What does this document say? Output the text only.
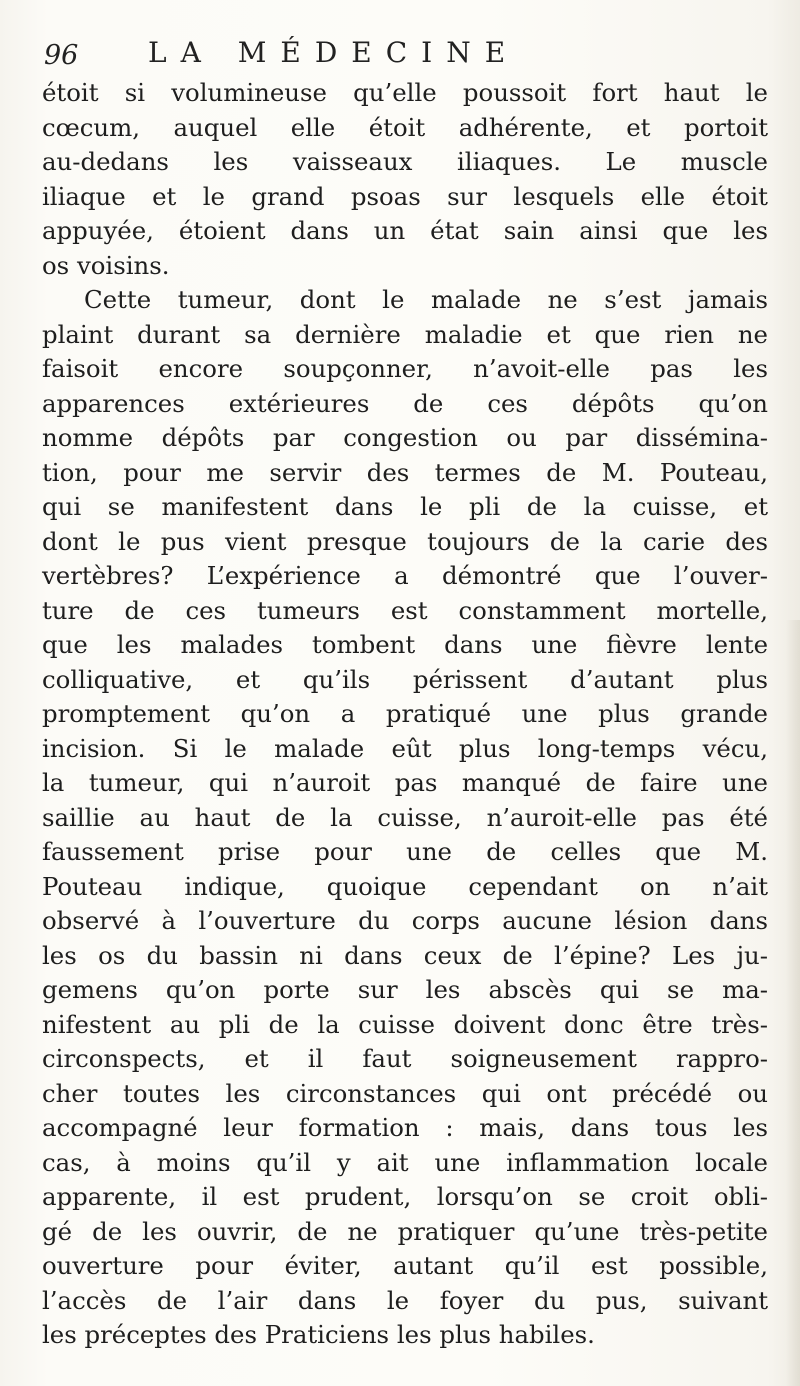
96 LA MÉDECINE
étoit si volumineuse qu’elle poussoit fort haut le
cœcum, auquel elle étoit adhérente, et portoit
au-dedans les vaisseaux iliaques. Le muscle
iliaque et le grand psoas sur lesquels elle étoit
appuyée, étoient dans un état sain ainsi que les
os voisins.
Cette tumeur, dont le malade ne s’est jamais
plaint durant sa dernière maladie et que rien ne
faisoit encore soupçonner, n’avoit-elle pas les
apparences extérieures de ces dépôts qu’on
nomme dépôts par congestion ou par dissémina-
tion, pour me servir des termes de M. Pouteau,
qui se manifestent dans le pli de la cuisse, et
dont le pus vient presque toujours de la carie des
vertèbres? L’expérience a démontré que l’ouver-
ture de ces tumeurs est constamment mortelle,
que les malades tombent dans une fièvre lente
colliquative, et qu’ils périssent d’autant plus
promptement qu’on a pratiqué une plus grande
incision. Si le malade eût plus long-temps vécu,
la tumeur, qui n’auroit pas manqué de faire une
saillie au haut de la cuisse, n’auroit-elle pas été
faussement prise pour une de celles que M.
Pouteau indique, quoique cependant on n’ait
observé à l’ouverture du corps aucune lésion dans
les os du bassin ni dans ceux de l’épine? Les ju-
gemens qu’on porte sur les abscès qui se ma-
nifestent au pli de la cuisse doivent donc être très-
circonspects, et il faut soigneusement rappro-
cher toutes les circonstances qui ont précédé ou
accompagné leur formation : mais, dans tous les
cas, à moins qu’il y ait une inflammation locale
apparente, il est prudent, lorsqu’on se croit obli-
gé de les ouvrir, de ne pratiquer qu’une très-petite
ouverture pour éviter, autant qu’il est possible,
l’accès de l’air dans le foyer du pus, suivant
les préceptes des Praticiens les plus habiles.
